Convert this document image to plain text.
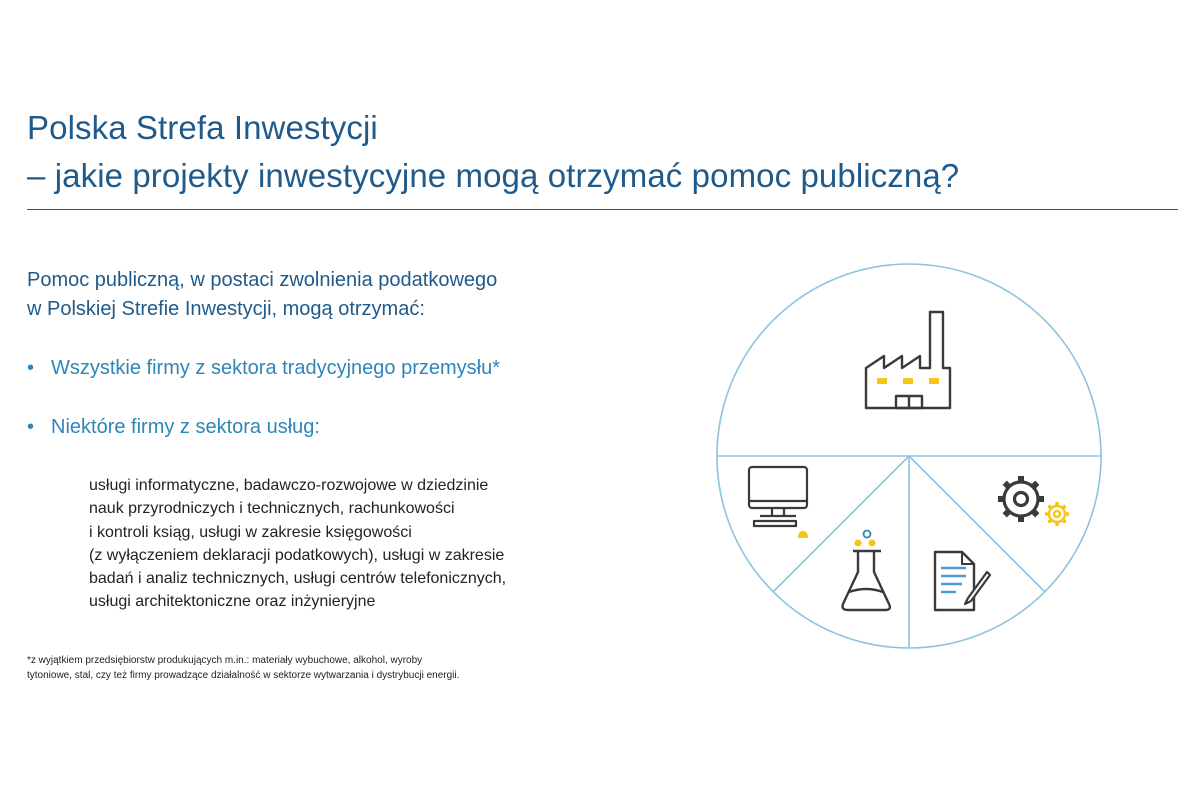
Polska Strefa Inwestycji
– jakie projekty inwestycyjne mogą otrzymać pomoc publiczną?
Pomoc publiczną, w postaci zwolnienia podatkowego
w Polskiej Strefie Inwestycji, mogą otrzymać:
• Wszystkie firmy z sektora tradycyjnego przemysłu*
• Niektóre firmy z sektora usług:
usługi informatyczne, badawczo-rozwojowe w dziedzinie
nauk przyrodniczych i technicznych, rachunkowości
i kontroli ksiąg, usługi w zakresie księgowości
(z wyłączeniem deklaracji podatkowych), usługi w zakresie
badań i analiz technicznych, usługi centrów telefonicznych,
usługi architektoniczne oraz inżynieryjne
*z wyjątkiem przedsiębiorstw produkujących m.in.: materiały wybuchowe, alkohol, wyroby
tytoniowe, stal, czy też firmy prowadzące działalność w sektorze wytwarzania i dystrybucji energii.
